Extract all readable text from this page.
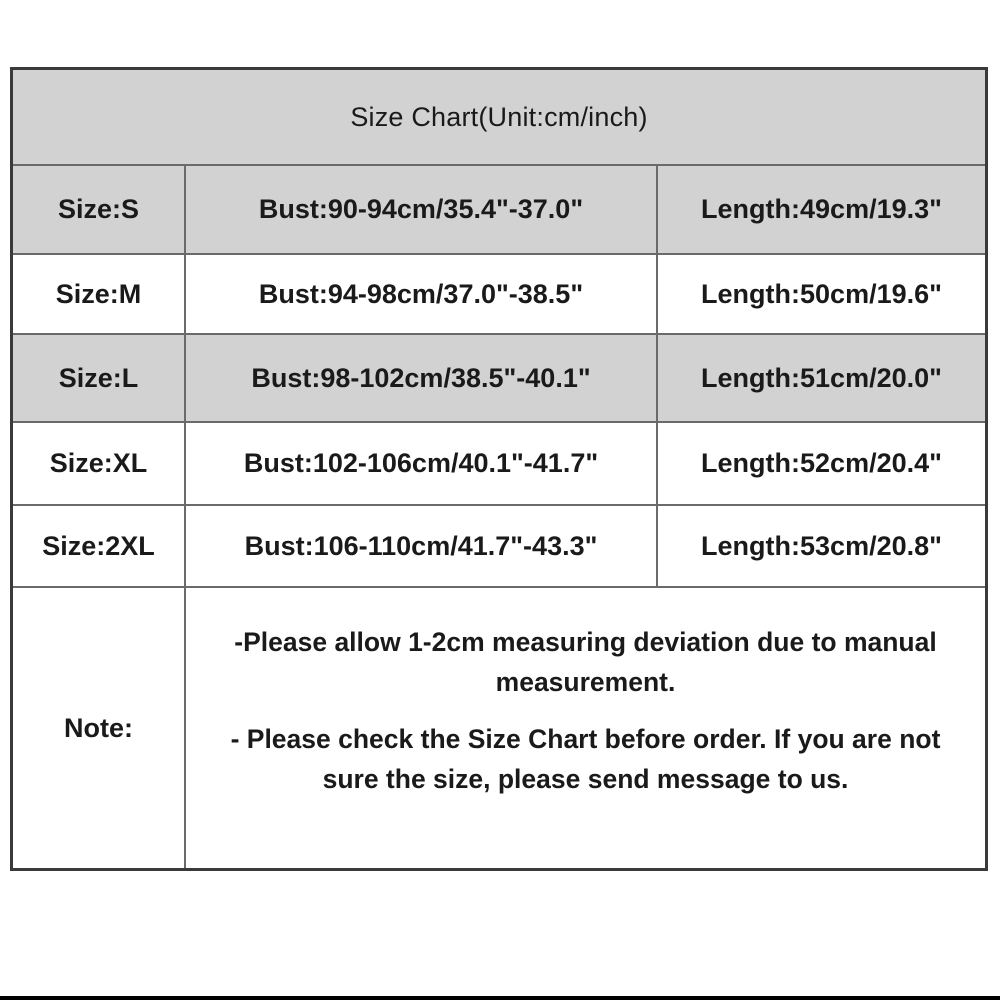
Size Chart(Unit:cm/inch)
Size:S	Bust:90-94cm/35.4"-37.0"	Length:49cm/19.3"
Size:M	Bust:94-98cm/37.0"-38.5"	Length:50cm/19.6"
Size:L	Bust:98-102cm/38.5"-40.1"	Length:51cm/20.0"
Size:XL	Bust:102-106cm/40.1"-41.7"	Length:52cm/20.4"
Size:2XL	Bust:106-110cm/41.7"-43.3"	Length:53cm/20.8"
Note:
-Please allow 1-2cm measuring deviation due to manual measurement.
- Please check the Size Chart before order. If you are not sure the size, please send message to us.
